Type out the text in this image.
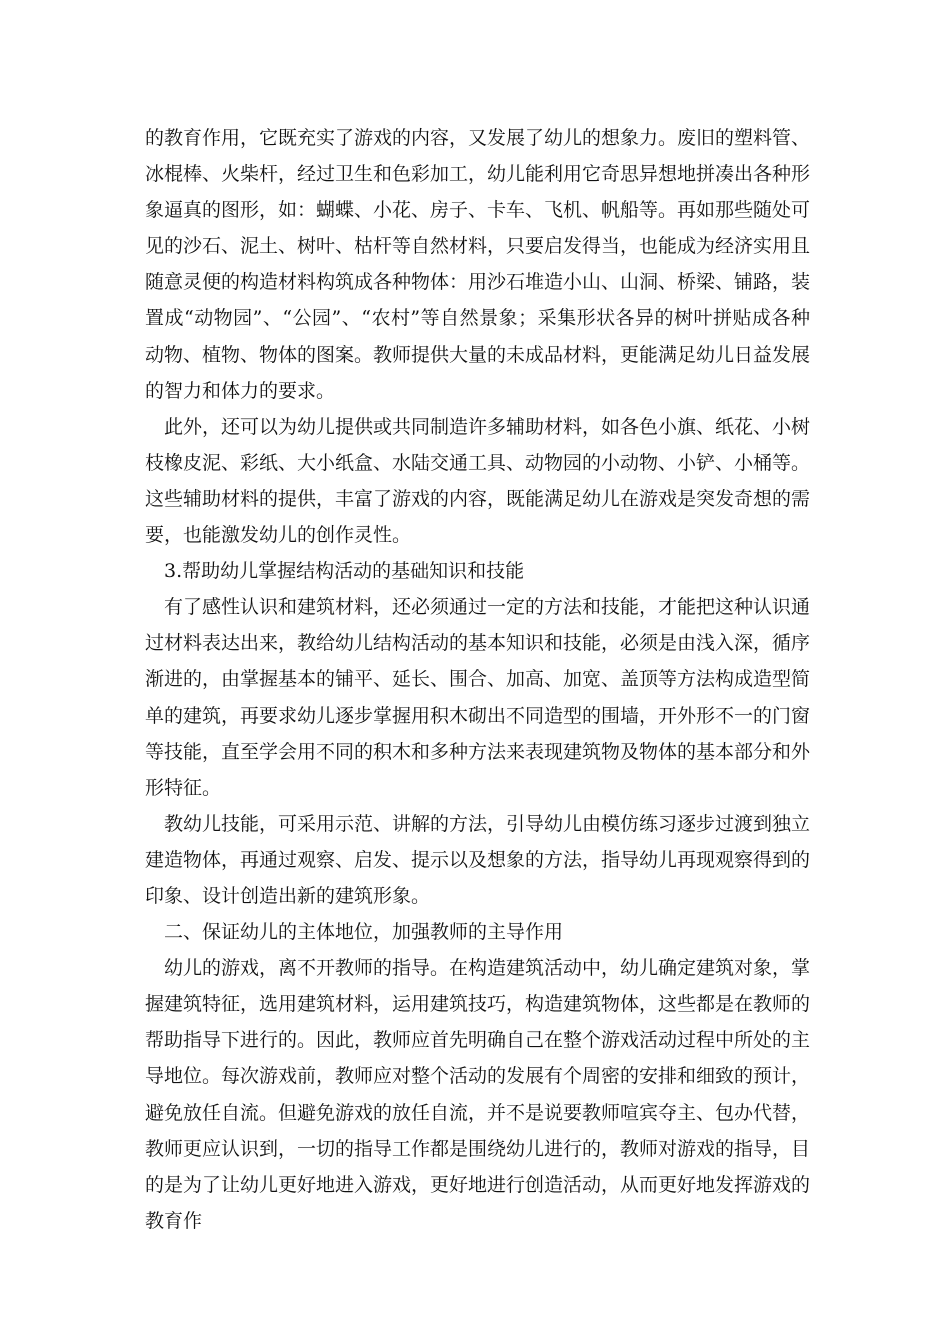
的教育作用，它既充实了游戏的内容，又发展了幼儿的想象力。废旧的塑料管、冰棍棒、火柴杆，经过卫生和色彩加工，幼儿能利用它奇思异想地拼凑出各种形象逼真的图形，如：蝴蝶、小花、房子、卡车、飞机、帆船等。再如那些随处可见的沙石、泥土、树叶、枯杆等自然材料，只要启发得当，也能成为经济实用且随意灵便的构造材料构筑成各种物体：用沙石堆造小山、山洞、桥梁、铺路，装置成“动物园”、“公园”、“农村”等自然景象；采集形状各异的树叶拼贴成各种动物、植物、物体的图案。教师提供大量的未成品材料，更能满足幼儿日益发展的智力和体力的要求。

此外，还可以为幼儿提供或共同制造许多辅助材料，如各色小旗、纸花、小树枝橡皮泥、彩纸、大小纸盒、水陆交通工具、动物园的小动物、小铲、小桶等。这些辅助材料的提供，丰富了游戏的内容，既能满足幼儿在游戏是突发奇想的需要，也能激发幼儿的创作灵性。

3.帮助幼儿掌握结构活动的基础知识和技能

有了感性认识和建筑材料，还必须通过一定的方法和技能，才能把这种认识通过材料表达出来，教给幼儿结构活动的基本知识和技能，必须是由浅入深，循序渐进的，由掌握基本的铺平、延长、围合、加高、加宽、盖顶等方法构成造型简单的建筑，再要求幼儿逐步掌握用积木砌出不同造型的围墙，开外形不一的门窗等技能，直至学会用不同的积木和多种方法来表现建筑物及物体的基本部分和外形特征。

教幼儿技能，可采用示范、讲解的方法，引导幼儿由模仿练习逐步过渡到独立建造物体，再通过观察、启发、提示以及想象的方法，指导幼儿再现观察得到的印象、设计创造出新的建筑形象。

二、保证幼儿的主体地位，加强教师的主导作用

幼儿的游戏，离不开教师的指导。在构造建筑活动中，幼儿确定建筑对象，掌握建筑特征，选用建筑材料，运用建筑技巧，构造建筑物体，这些都是在教师的帮助指导下进行的。因此，教师应首先明确自己在整个游戏活动过程中所处的主导地位。每次游戏前，教师应对整个活动的发展有个周密的安排和细致的预计，避免放任自流。但避免游戏的放任自流，并不是说要教师喧宾夺主、包办代替，教师更应认识到，一切的指导工作都是围绕幼儿进行的，教师对游戏的指导，目的是为了让幼儿更好地进入游戏，更好地进行创造活动，从而更好地发挥游戏的教育作
